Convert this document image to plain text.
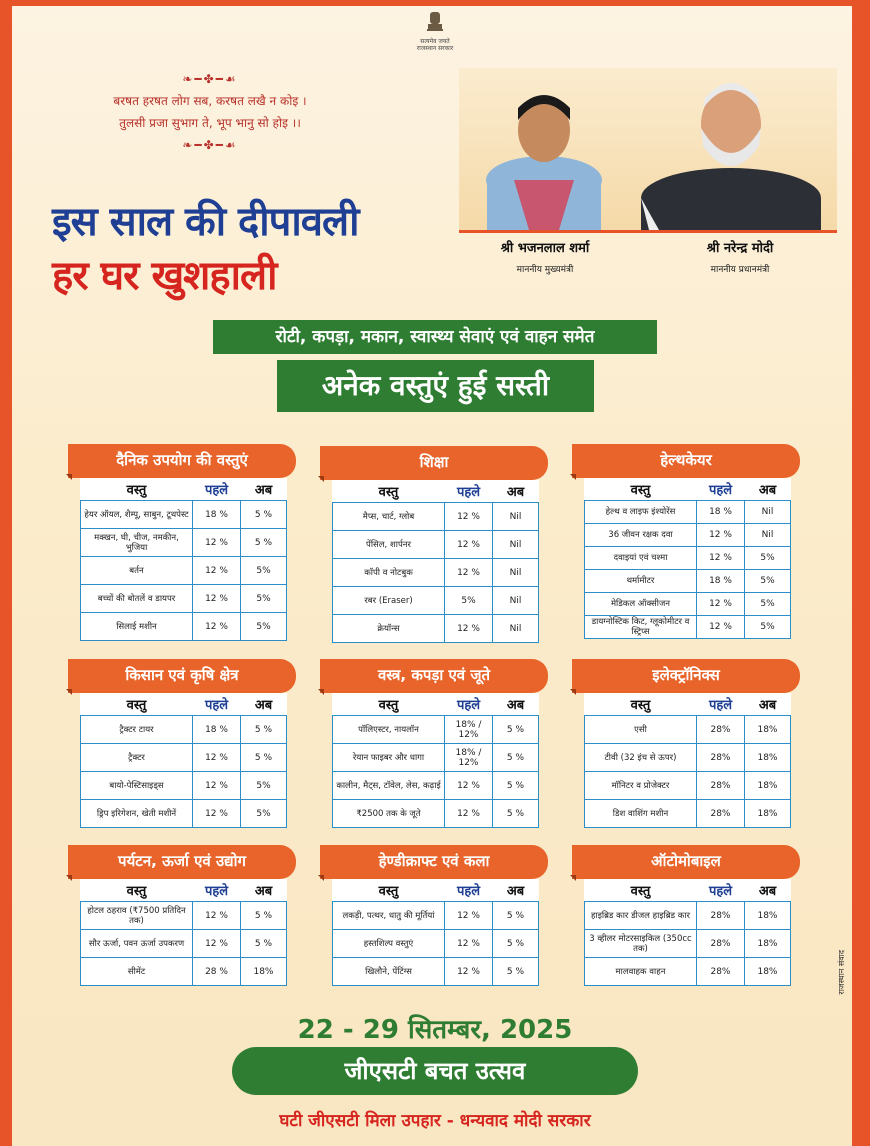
सत्यमेव जयते
राजस्थान सरकार
❧━✤━☙
बरषत हरषत लोग सब, करषत लखै न कोइ ।
तुलसी प्रजा सुभाग ते, भूप भानु सो होइ ।।
❧━✤━☙
इस साल की दीपावली
हर घर खुशहाली
श्री भजनलाल शर्मा
माननीय मुख्यमंत्री
श्री नरेन्द्र मोदी
माननीय प्रधानमंत्री
रोटी, कपड़ा, मकान, स्वास्थ्य सेवाएं एवं वाहन समेत
अनेक वस्तुएं हुई सस्ती
दैनिक उपयोग की वस्तुएं
वस्तु	पहले	अब
हेयर ऑयल, शैम्पू, साबुन, टूथपेस्ट	18 %	5 %
मक्खन, घी, चीज, नमकीन, भुजिया	12 %	5 %
बर्तन	12 %	5%
बच्चों की बोतलें व डायपर	12 %	5%
सिलाई मशीन	12 %	5%
शिक्षा
वस्तु	पहले	अब
मैप्स, चार्ट, ग्लोब	12 %	Nil
पेंसिल, शार्पनर	12 %	Nil
कॉपी व नोटबुक	12 %	Nil
रबर (Eraser)	5%	Nil
क्रेयॉन्स	12 %	Nil
हेल्थकेयर
वस्तु	पहले	अब
हेल्थ व लाइफ इंश्योरेंस	18 %	Nil
36 जीवन रक्षक दवा	12 %	Nil
दवाइयां एवं चश्मा	12 %	5%
थर्मामीटर	18 %	5%
मेडिकल ऑक्सीजन	12 %	5%
डायग्नोस्टिक किट, ग्लूकोमीटर व स्ट्रिप्स	12 %	5%
किसान एवं कृषि क्षेत्र
वस्तु	पहले	अब
ट्रैक्टर टायर	18 %	5 %
ट्रैक्टर	12 %	5 %
बायो-पेस्टिसाइड्स	12 %	5%
ड्रिप इरिगेशन, खेती मशीनें	12 %	5%
वस्त्र, कपड़ा एवं जूते
वस्तु	पहले	अब
पॉलिएस्टर, नायलॉन	18% / 12%	5 %
रेयान फाइबर और धागा	18% / 12%	5 %
कालीन, मैट्स, टॉवेल, लेस, कढ़ाई	12 %	5 %
₹2500 तक के जूते	12 %	5 %
इलेक्ट्रॉनिक्स
वस्तु	पहले	अब
एसी	28%	18%
टीवी (32 इंच से ऊपर)	28%	18%
मॉनिटर व प्रोजेक्टर	28%	18%
डिश वाशिंग मशीन	28%	18%
पर्यटन, ऊर्जा एवं उद्योग
वस्तु	पहले	अब
होटल ठहराव (₹7500 प्रतिदिन तक)	12 %	5 %
सौर ऊर्जा, पवन ऊर्जा उपकरण	12 %	5 %
सीमेंट	28 %	18%
हेण्डीक्राफ्ट एवं कला
वस्तु	पहले	अब
लकड़ी, पत्थर, धातु की मूर्तियां	12 %	5 %
हस्तशिल्प वस्तुएं	12 %	5 %
खिलौने, पेंटिंग्स	12 %	5 %
ऑटोमोबाइल
वस्तु	पहले	अब
हाइब्रिड कार डीजल हाइब्रिड कार	28%	18%
3 व्हीलर मोटरसाइकिल (350cc तक)	28%	18%
मालवाहक वाहन	28%	18%
22 - 29 सितम्बर, 2025
जीएसटी बचत उत्सव
घटी जीएसटी मिला उपहार - धन्यवाद मोदी सरकार
राजस्थान संवाद
